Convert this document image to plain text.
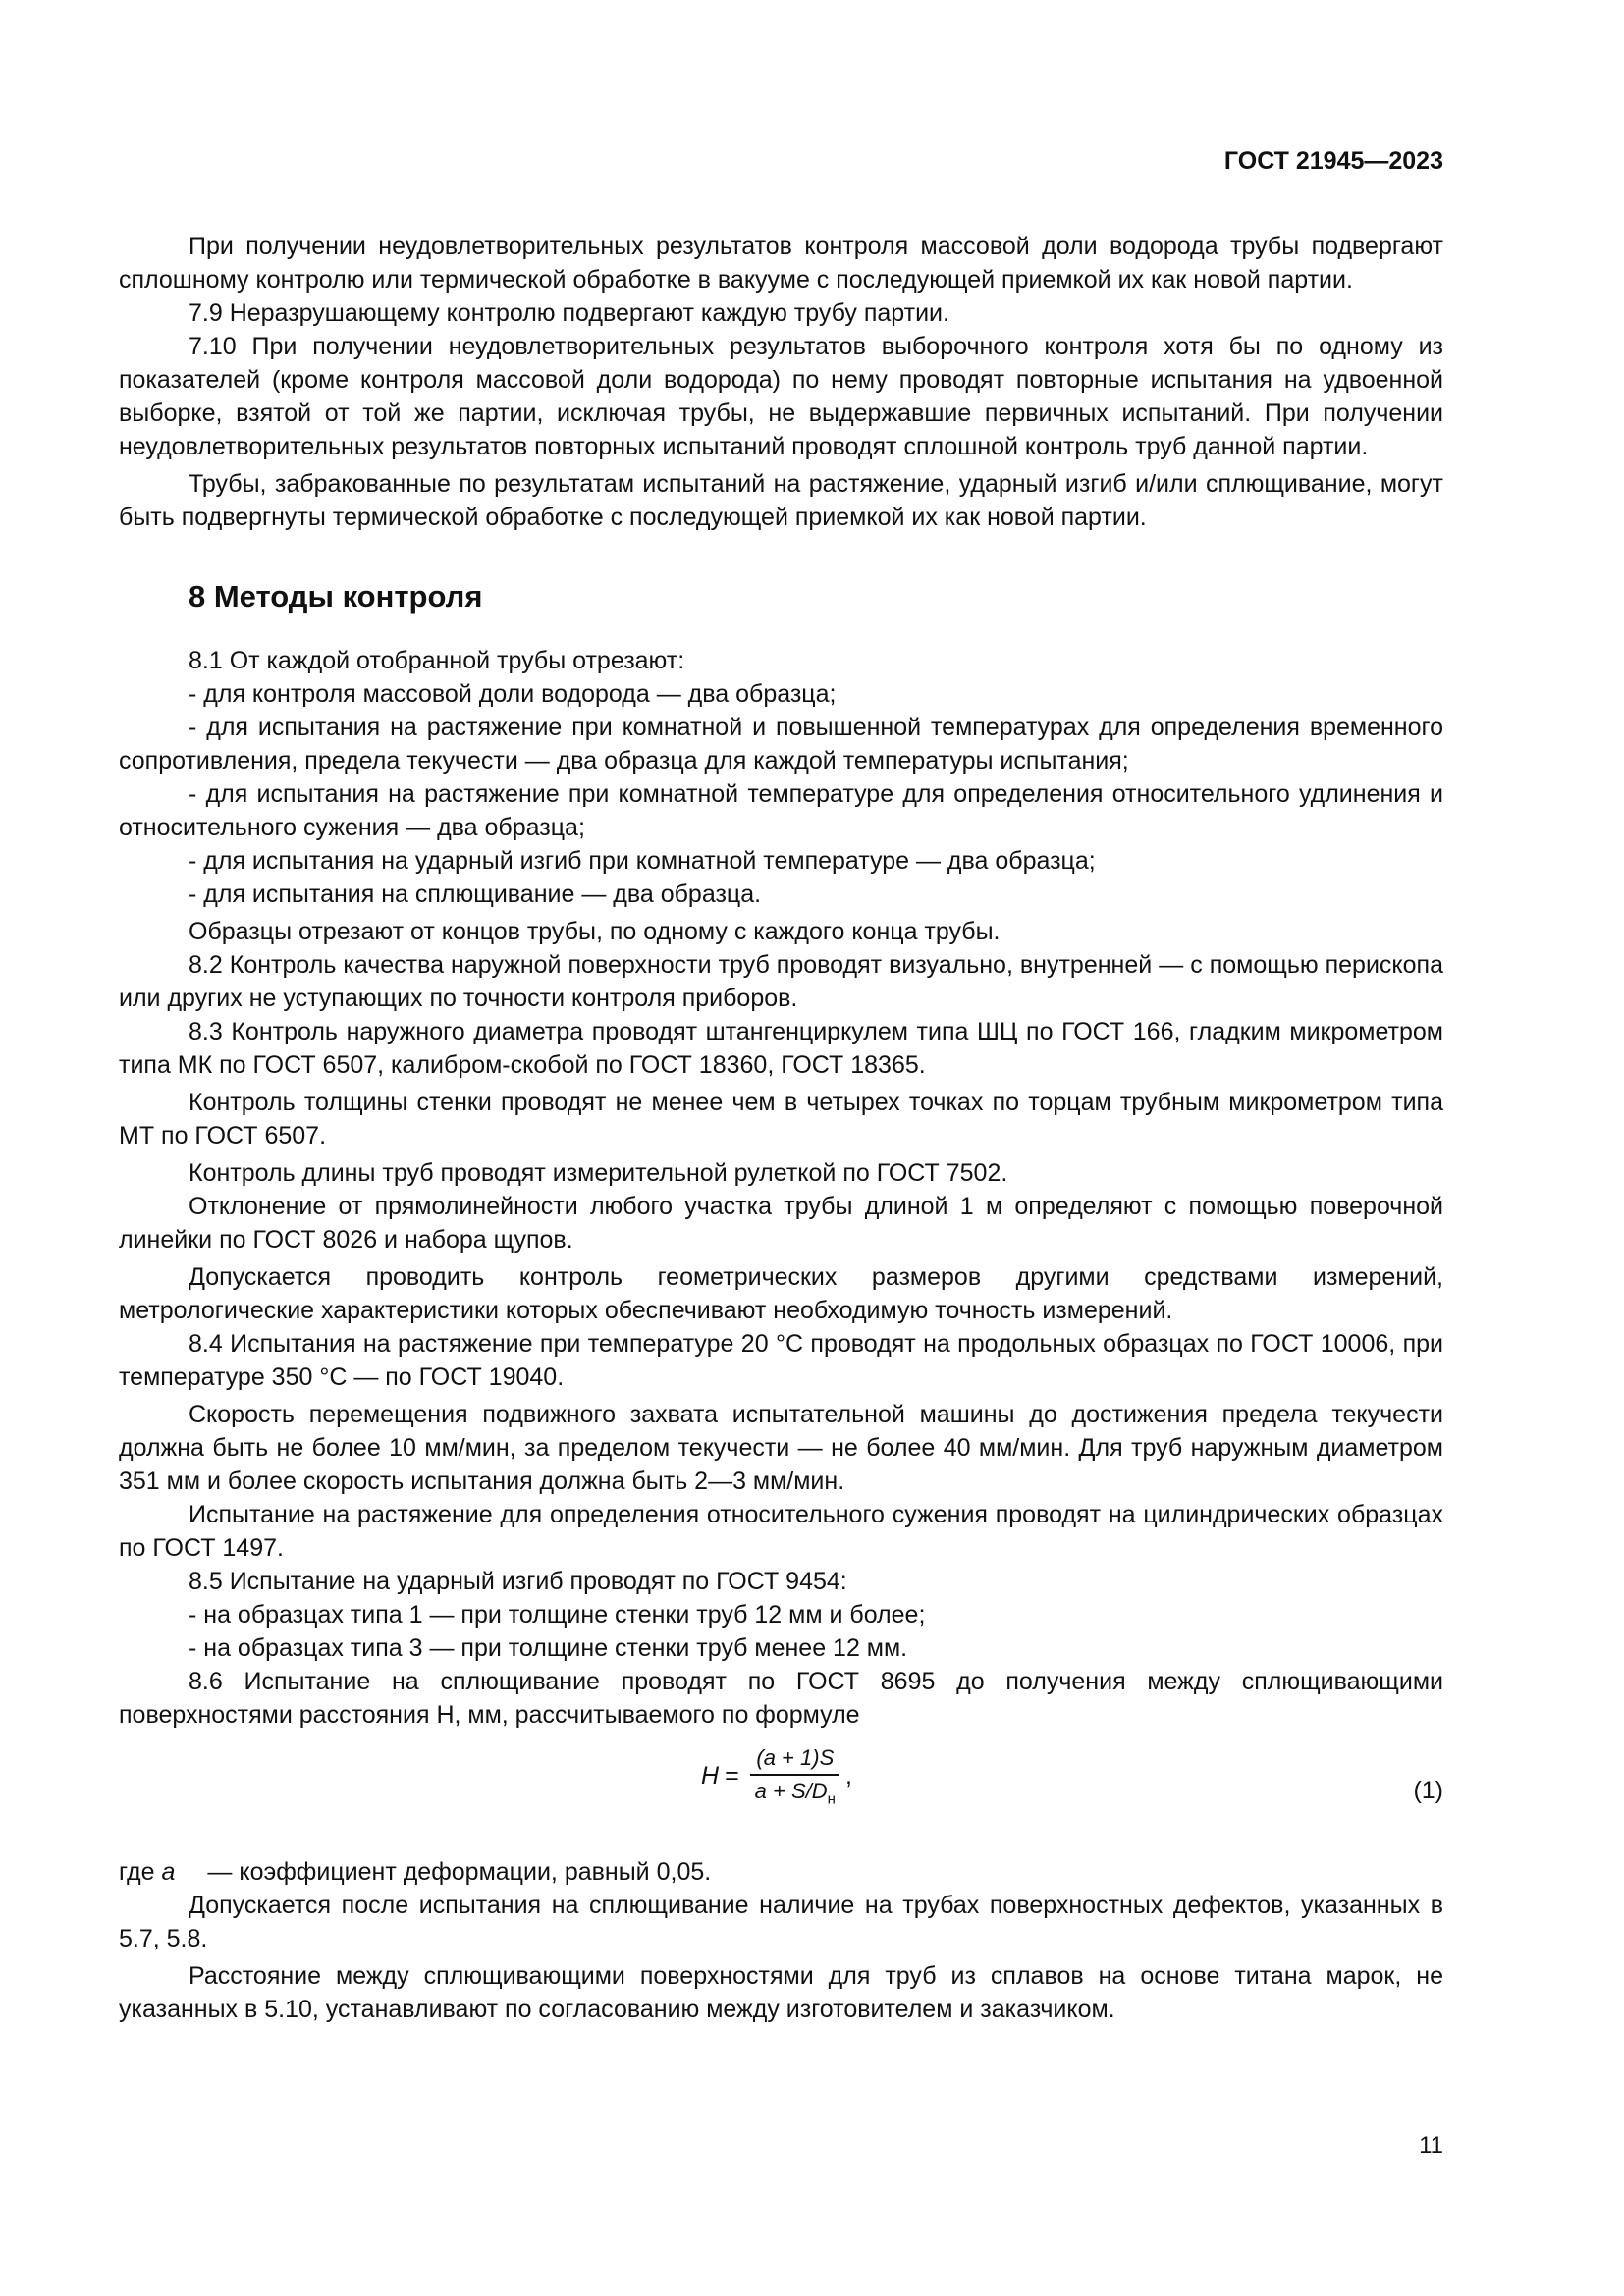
ГОСТ 21945—2023

При получении неудовлетворительных результатов контроля массовой доли водорода трубы подвергают сплошному контролю или термической обработке в вакууме с последующей приемкой их как новой партии.

7.9 Неразрушающему контролю подвергают каждую трубу партии.

7.10 При получении неудовлетворительных результатов выборочного контроля хотя бы по одному из показателей (кроме контроля массовой доли водорода) по нему проводят повторные испытания на удвоенной выборке, взятой от той же партии, исключая трубы, не выдержавшие первичных испытаний. При получении неудовлетворительных результатов повторных испытаний проводят сплошной контроль труб данной партии.

Трубы, забракованные по результатам испытаний на растяжение, ударный изгиб и/или сплющивание, могут быть подвергнуты термической обработке с последующей приемкой их как новой партии.

8 Методы контроля

8.1 От каждой отобранной трубы отрезают:

- для контроля массовой доли водорода — два образца;

- для испытания на растяжение при комнатной и повышенной температурах для определения временного сопротивления, предела текучести — два образца для каждой температуры испытания;

- для испытания на растяжение при комнатной температуре для определения относительного удлинения и относительного сужения — два образца;

- для испытания на ударный изгиб при комнатной температуре — два образца;

- для испытания на сплющивание — два образца.

Образцы отрезают от концов трубы, по одному с каждого конца трубы.

8.2 Контроль качества наружной поверхности труб проводят визуально, внутренней — с помощью перископа или других не уступающих по точности контроля приборов.

8.3 Контроль наружного диаметра проводят штангенциркулем типа ШЦ по ГОСТ 166, гладким микрометром типа МК по ГОСТ 6507, калибром-скобой по ГОСТ 18360, ГОСТ 18365.

Контроль толщины стенки проводят не менее чем в четырех точках по торцам трубным микрометром типа МТ по ГОСТ 6507.

Контроль длины труб проводят измерительной рулеткой по ГОСТ 7502.

Отклонение от прямолинейности любого участка трубы длиной 1 м определяют с помощью поверочной линейки по ГОСТ 8026 и набора щупов.

Допускается проводить контроль геометрических размеров другими средствами измерений, метрологические характеристики которых обеспечивают необходимую точность измерений.

8.4 Испытания на растяжение при температуре 20 °С проводят на продольных образцах по ГОСТ 10006, при температуре 350 °С — по ГОСТ 19040.

Скорость перемещения подвижного захвата испытательной машины до достижения предела текучести должна быть не более 10 мм/мин, за пределом текучести — не более 40 мм/мин. Для труб наружным диаметром 351 мм и более скорость испытания должна быть 2—3 мм/мин.

Испытание на растяжение для определения относительного сужения проводят на цилиндрических образцах по ГОСТ 1497.

8.5 Испытание на ударный изгиб проводят по ГОСТ 9454:

- на образцах типа 1 — при толщине стенки труб 12 мм и более;

- на образцах типа 3 — при толщине стенки труб менее 12 мм.

8.6 Испытание на сплющивание проводят по ГОСТ 8695 до получения между сплющивающими поверхностями расстояния H, мм, рассчитываемого по формуле

$H = \frac{(a + 1)S}{a + S/D_н}$ ,
(1)

где a — коэффициент деформации, равный 0,05.

Допускается после испытания на сплющивание наличие на трубах поверхностных дефектов, указанных в 5.7, 5.8.

Расстояние между сплющивающими поверхностями для труб из сплавов на основе титана марок, не указанных в 5.10, устанавливают по согласованию между изготовителем и заказчиком.

11
